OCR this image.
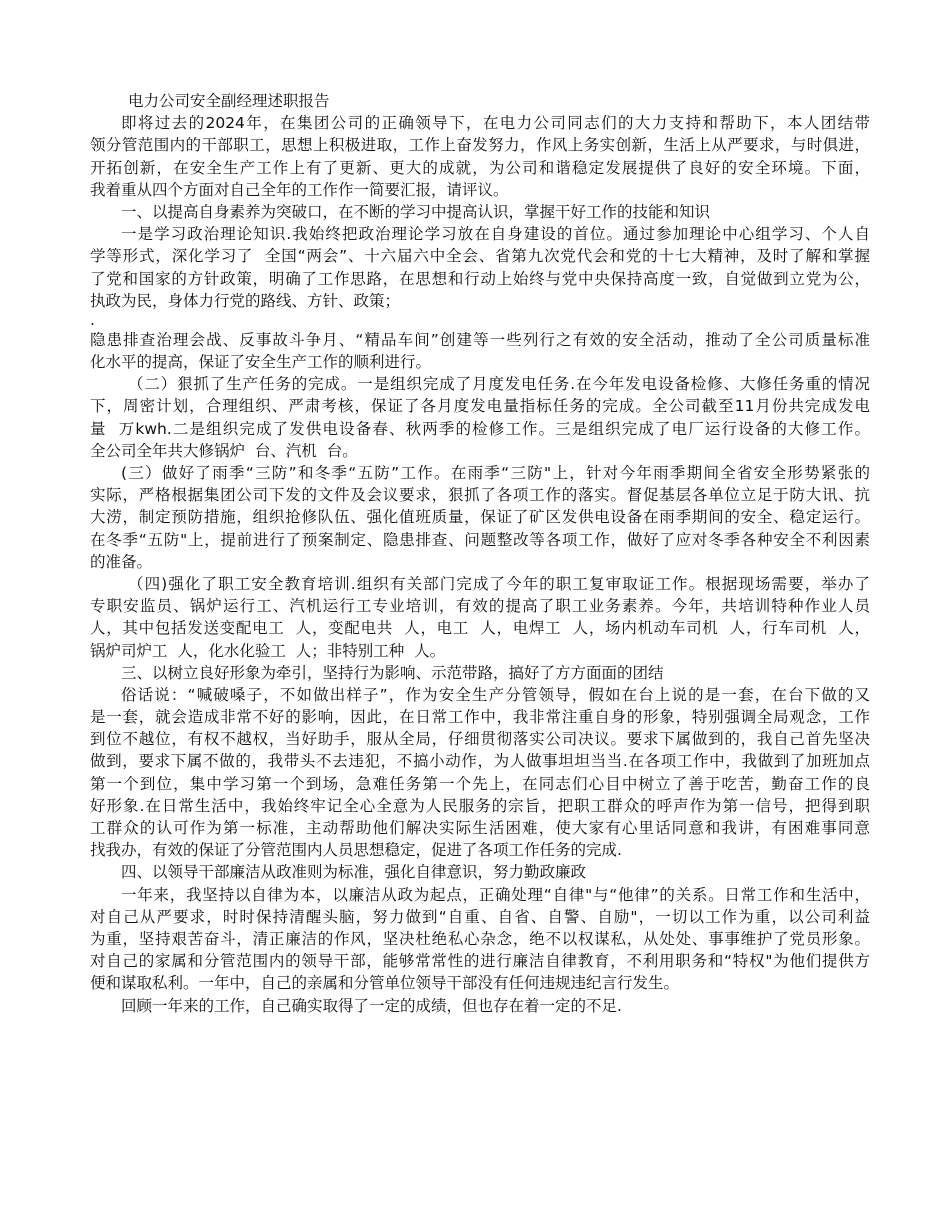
电力公司安全副经理述职报告
即将过去的2024年，在集团公司的正确领导下，在电力公司同志们的大力支持和帮助下，本人团结带
领分管范围内的干部职工，思想上积极进取，工作上奋发努力，作风上务实创新，生活上从严要求，与时俱进，
开拓创新，在安全生产工作上有了更新、更大的成就，为公司和谐稳定发展提供了良好的安全环境。下面，
我着重从四个方面对自己全年的工作作一简要汇报，请评议。
一、以提高自身素养为突破口，在不断的学习中提高认识，掌握干好工作的技能和知识
一是学习政治理论知识.我始终把政治理论学习放在自身建设的首位。通过参加理论中心组学习、个人自
学等形式，深化学习了  全国“两会”、十六届六中全会、省第九次党代会和党的十七大精神，及时了解和掌握
了党和国家的方针政策，明确了工作思路，在思想和行动上始终与党中央保持高度一致，自觉做到立党为公，
执政为民，身体力行党的路线、方针、政策；
.
隐患排查治理会战、反事故斗争月、“精品车间”创建等一些列行之有效的安全活动，推动了全公司质量标准
化水平的提高，保证了安全生产工作的顺利进行。
（二）狠抓了生产任务的完成。一是组织完成了月度发电任务.在今年发电设备检修、大修任务重的情况
下，周密计划，合理组织、严肃考核，保证了各月度发电量指标任务的完成。全公司截至11月份共完成发电
量  万kwh.二是组织完成了发供电设备春、秋两季的检修工作。三是组织完成了电厂运行设备的大修工作。
全公司全年共大修锅炉  台、汽机  台。
(三）做好了雨季“三防”和冬季“五防”工作。在雨季“三防"上，针对今年雨季期间全省安全形势紧张的
实际，严格根据集团公司下发的文件及会议要求，狠抓了各项工作的落实。督促基层各单位立足于防大讯、抗
大涝，制定预防措施，组织抢修队伍、强化值班质量，保证了矿区发供电设备在雨季期间的安全、稳定运行。
在冬季“五防"上，提前进行了预案制定、隐患排查、问题整改等各项工作，做好了应对冬季各种安全不利因素
的准备。
（四)强化了职工安全教育培训.组织有关部门完成了今年的职工复审取证工作。根据现场需要，举办了
专职安监员、锅炉运行工、汽机运行工专业培训，有效的提高了职工业务素养。今年，共培训特种作业人员
人，其中包括发送变配电工  人，变配电共  人，电工  人，电焊工  人，场内机动车司机  人，行车司机  人，
锅炉司炉工  人，化水化验工  人；非特别工种  人。
三、以树立良好形象为牵引，坚持行为影响、示范带路，搞好了方方面面的团结
俗话说：“喊破嗓子，不如做出样子”，作为安全生产分管领导，假如在台上说的是一套，在台下做的又
是一套，就会造成非常不好的影响，因此，在日常工作中，我非常注重自身的形象，特别强调全局观念，工作
到位不越位，有权不越权，当好助手，服从全局，仔细贯彻落实公司决议。要求下属做到的，我自己首先坚决
做到，要求下属不做的，我带头不去违犯，不搞小动作，为人做事坦坦当当.在各项工作中，我做到了加班加点
第一个到位，集中学习第一个到场，急难任务第一个先上，在同志们心目中树立了善于吃苦，勤奋工作的良
好形象.在日常生活中，我始终牢记全心全意为人民服务的宗旨，把职工群众的呼声作为第一信号，把得到职
工群众的认可作为第一标准，主动帮助他们解决实际生活困难，使大家有心里话同意和我讲，有困难事同意
找我办，有效的保证了分管范围内人员思想稳定，促进了各项工作任务的完成.
四、以领导干部廉洁从政准则为标准，强化自律意识，努力勤政廉政
一年来，我坚持以自律为本，以廉洁从政为起点，正确处理“自律"与“他律”的关系。日常工作和生活中，
对自己从严要求，时时保持清醒头脑，努力做到“自重、自省、自警、自励"，一切以工作为重，以公司利益
为重，坚持艰苦奋斗，清正廉洁的作风，坚决杜绝私心杂念，绝不以权谋私，从处处、事事维护了党员形象。
对自己的家属和分管范围内的领导干部，能够常常性的进行廉洁自律教育，不利用职务和“特权"为他们提供方
便和谋取私利。一年中，自己的亲属和分管单位领导干部没有任何违规违纪言行发生。
回顾一年来的工作，自己确实取得了一定的成绩，但也存在着一定的不足.
